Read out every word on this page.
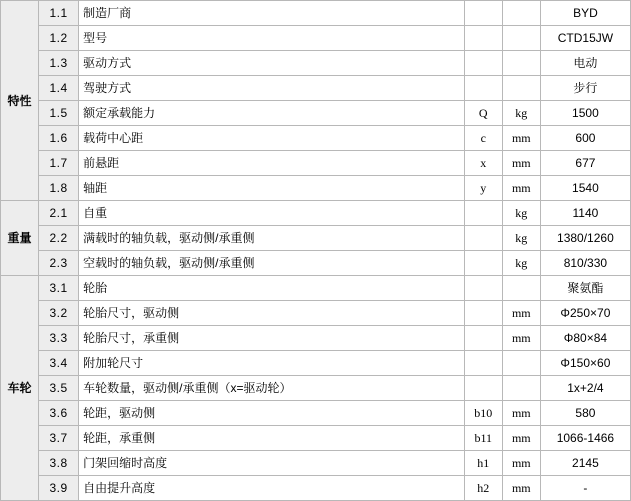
特性	1.1	制造厂商			BYD
	1.2	型号			CTD15JW
	1.3	驱动方式			电动
	1.4	驾驶方式			步行
	1.5	额定承载能力	Q	kg	1500
	1.6	载荷中心距	c	mm	600
	1.7	前悬距	x	mm	677
	1.8	轴距	y	mm	1540
重量	2.1	自重		kg	1140
	2.2	满载时的轴负载，驱动侧/承重侧		kg	1380/1260
	2.3	空载时的轴负载，驱动侧/承重侧		kg	810/330
车轮	3.1	轮胎			聚氨酯
	3.2	轮胎尺寸，驱动侧		mm	Φ250×70
	3.3	轮胎尺寸，承重侧		mm	Φ80×84
	3.4	附加轮尺寸			Φ150×60
	3.5	车轮数量，驱动侧/承重侧（x=驱动轮）			1x+2/4
	3.6	轮距，驱动侧	b10	mm	580
	3.7	轮距，承重侧	b11	mm	1066-1466
	3.8	门架回缩时高度	h1	mm	2145
	3.9	自由提升高度	h2	mm	-
